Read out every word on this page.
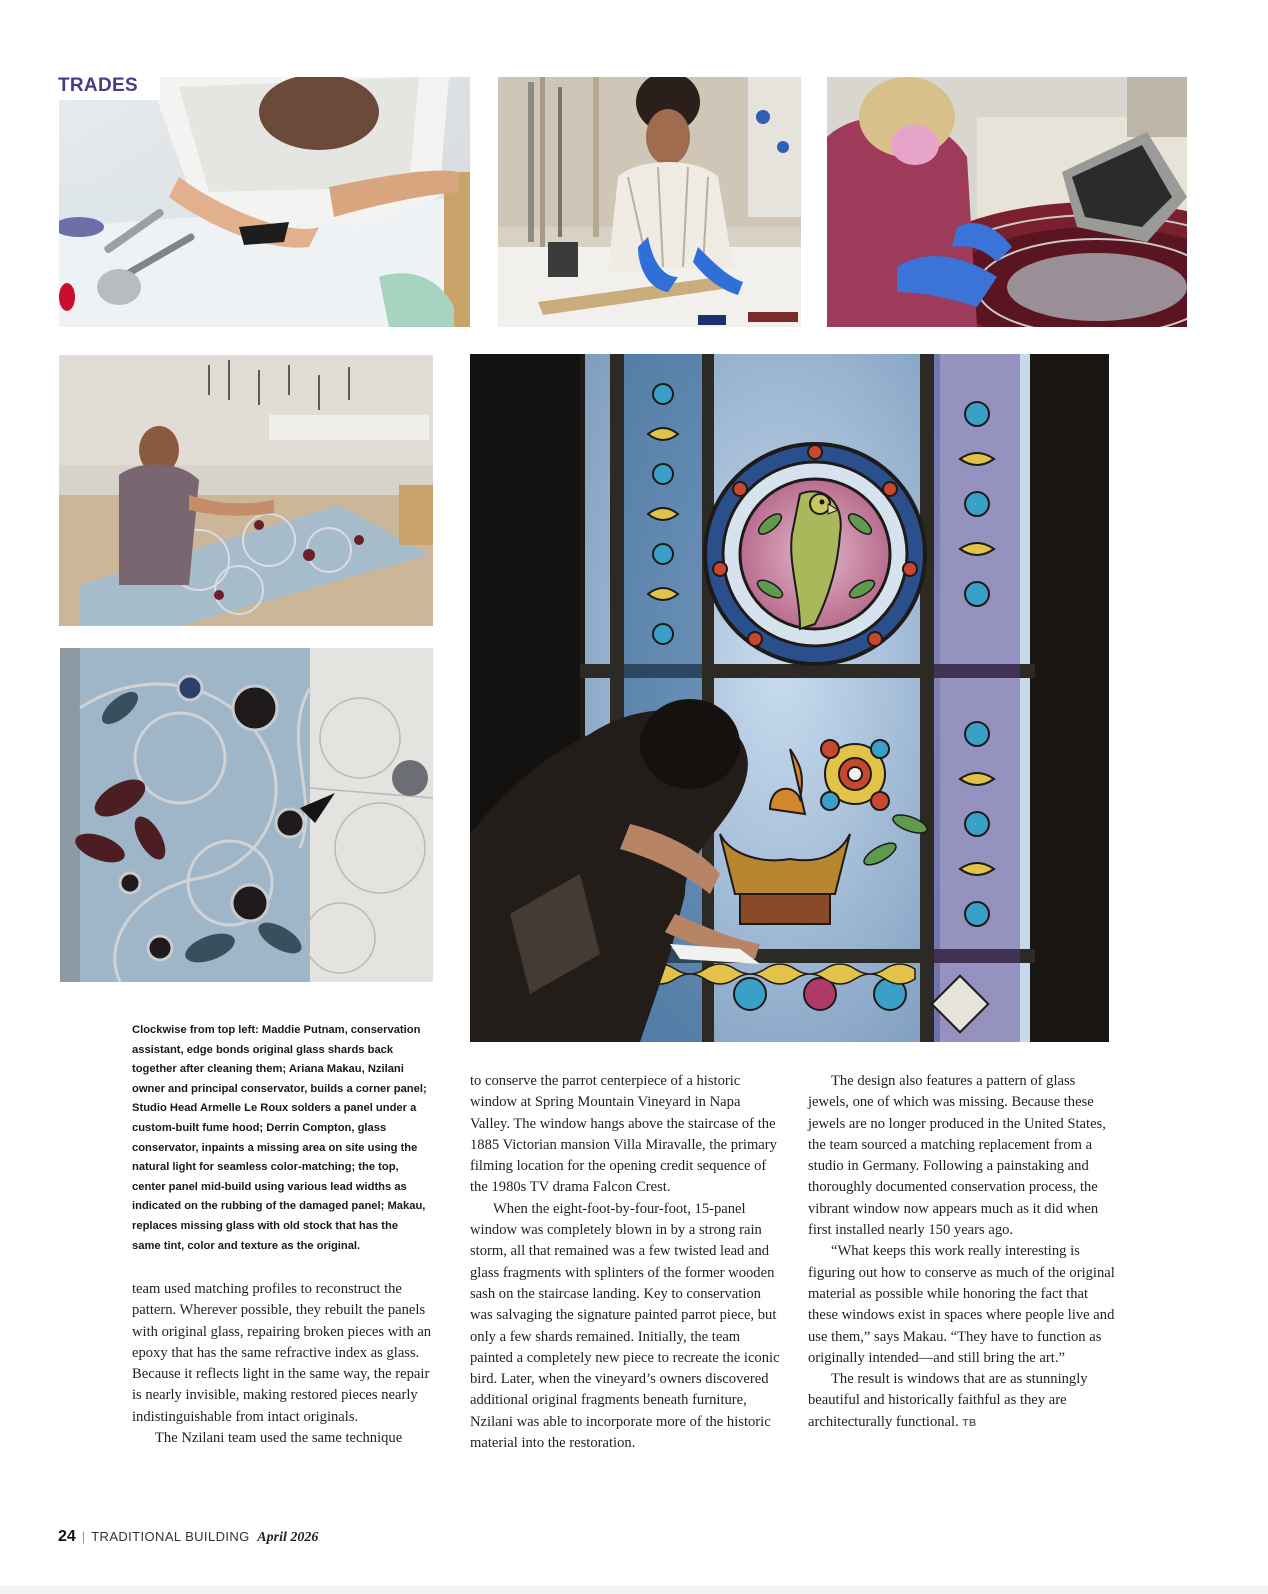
TRADES

Clockwise from top left: Maddie Putnam, conservation assistant, edge bonds original glass shards back together after cleaning them; Ariana Makau, Nzilani owner and principal conservator, builds a corner panel; Studio Head Armelle Le Roux solders a panel under a custom-built fume hood; Derrin Compton, glass conservator, inpaints a missing area on site using the natural light for seamless color-matching; the top, center panel mid-build using various lead widths as indicated on the rubbing of the damaged panel; Makau, replaces missing glass with old stock that has the same tint, color and texture as the original.

team used matching profiles to reconstruct the pattern. Wherever possible, they rebuilt the panels with original glass, repairing broken pieces with an epoxy that has the same refractive index as glass. Because it reflects light in the same way, the repair is nearly invisible, making restored pieces nearly indistinguishable from intact originals.

The Nzilani team used the same technique

to conserve the parrot centerpiece of a historic window at Spring Mountain Vineyard in Napa Valley. The window hangs above the staircase of the 1885 Victorian mansion Villa Miravalle, the primary filming location for the opening credit sequence of the 1980s TV drama Falcon Crest.

When the eight-foot-by-four-foot, 15-panel window was completely blown in by a strong rain storm, all that remained was a few twisted lead and glass fragments with splinters of the former wooden sash on the staircase landing. Key to conservation was salvaging the signature painted parrot piece, but only a few shards remained. Initially, the team painted a completely new piece to recreate the iconic bird. Later, when the vineyard’s owners discovered additional original fragments beneath furniture, Nzilani was able to incorporate more of the historic material into the restoration.

The design also features a pattern of glass jewels, one of which was missing. Because these jewels are no longer produced in the United States, the team sourced a matching replacement from a studio in Germany. Following a painstaking and thoroughly documented conservation process, the vibrant window now appears much as it did when first installed nearly 150 years ago.

“What keeps this work really interesting is figuring out how to conserve as much of the original material as possible while honoring the fact that these windows exist in spaces where people live and use them,” says Makau. “They have to function as originally intended—and still bring the art.”

The result is windows that are as stunningly beautiful and historically faithful as they are architecturally functional. TB

24 | TRADITIONAL BUILDING April 2026
